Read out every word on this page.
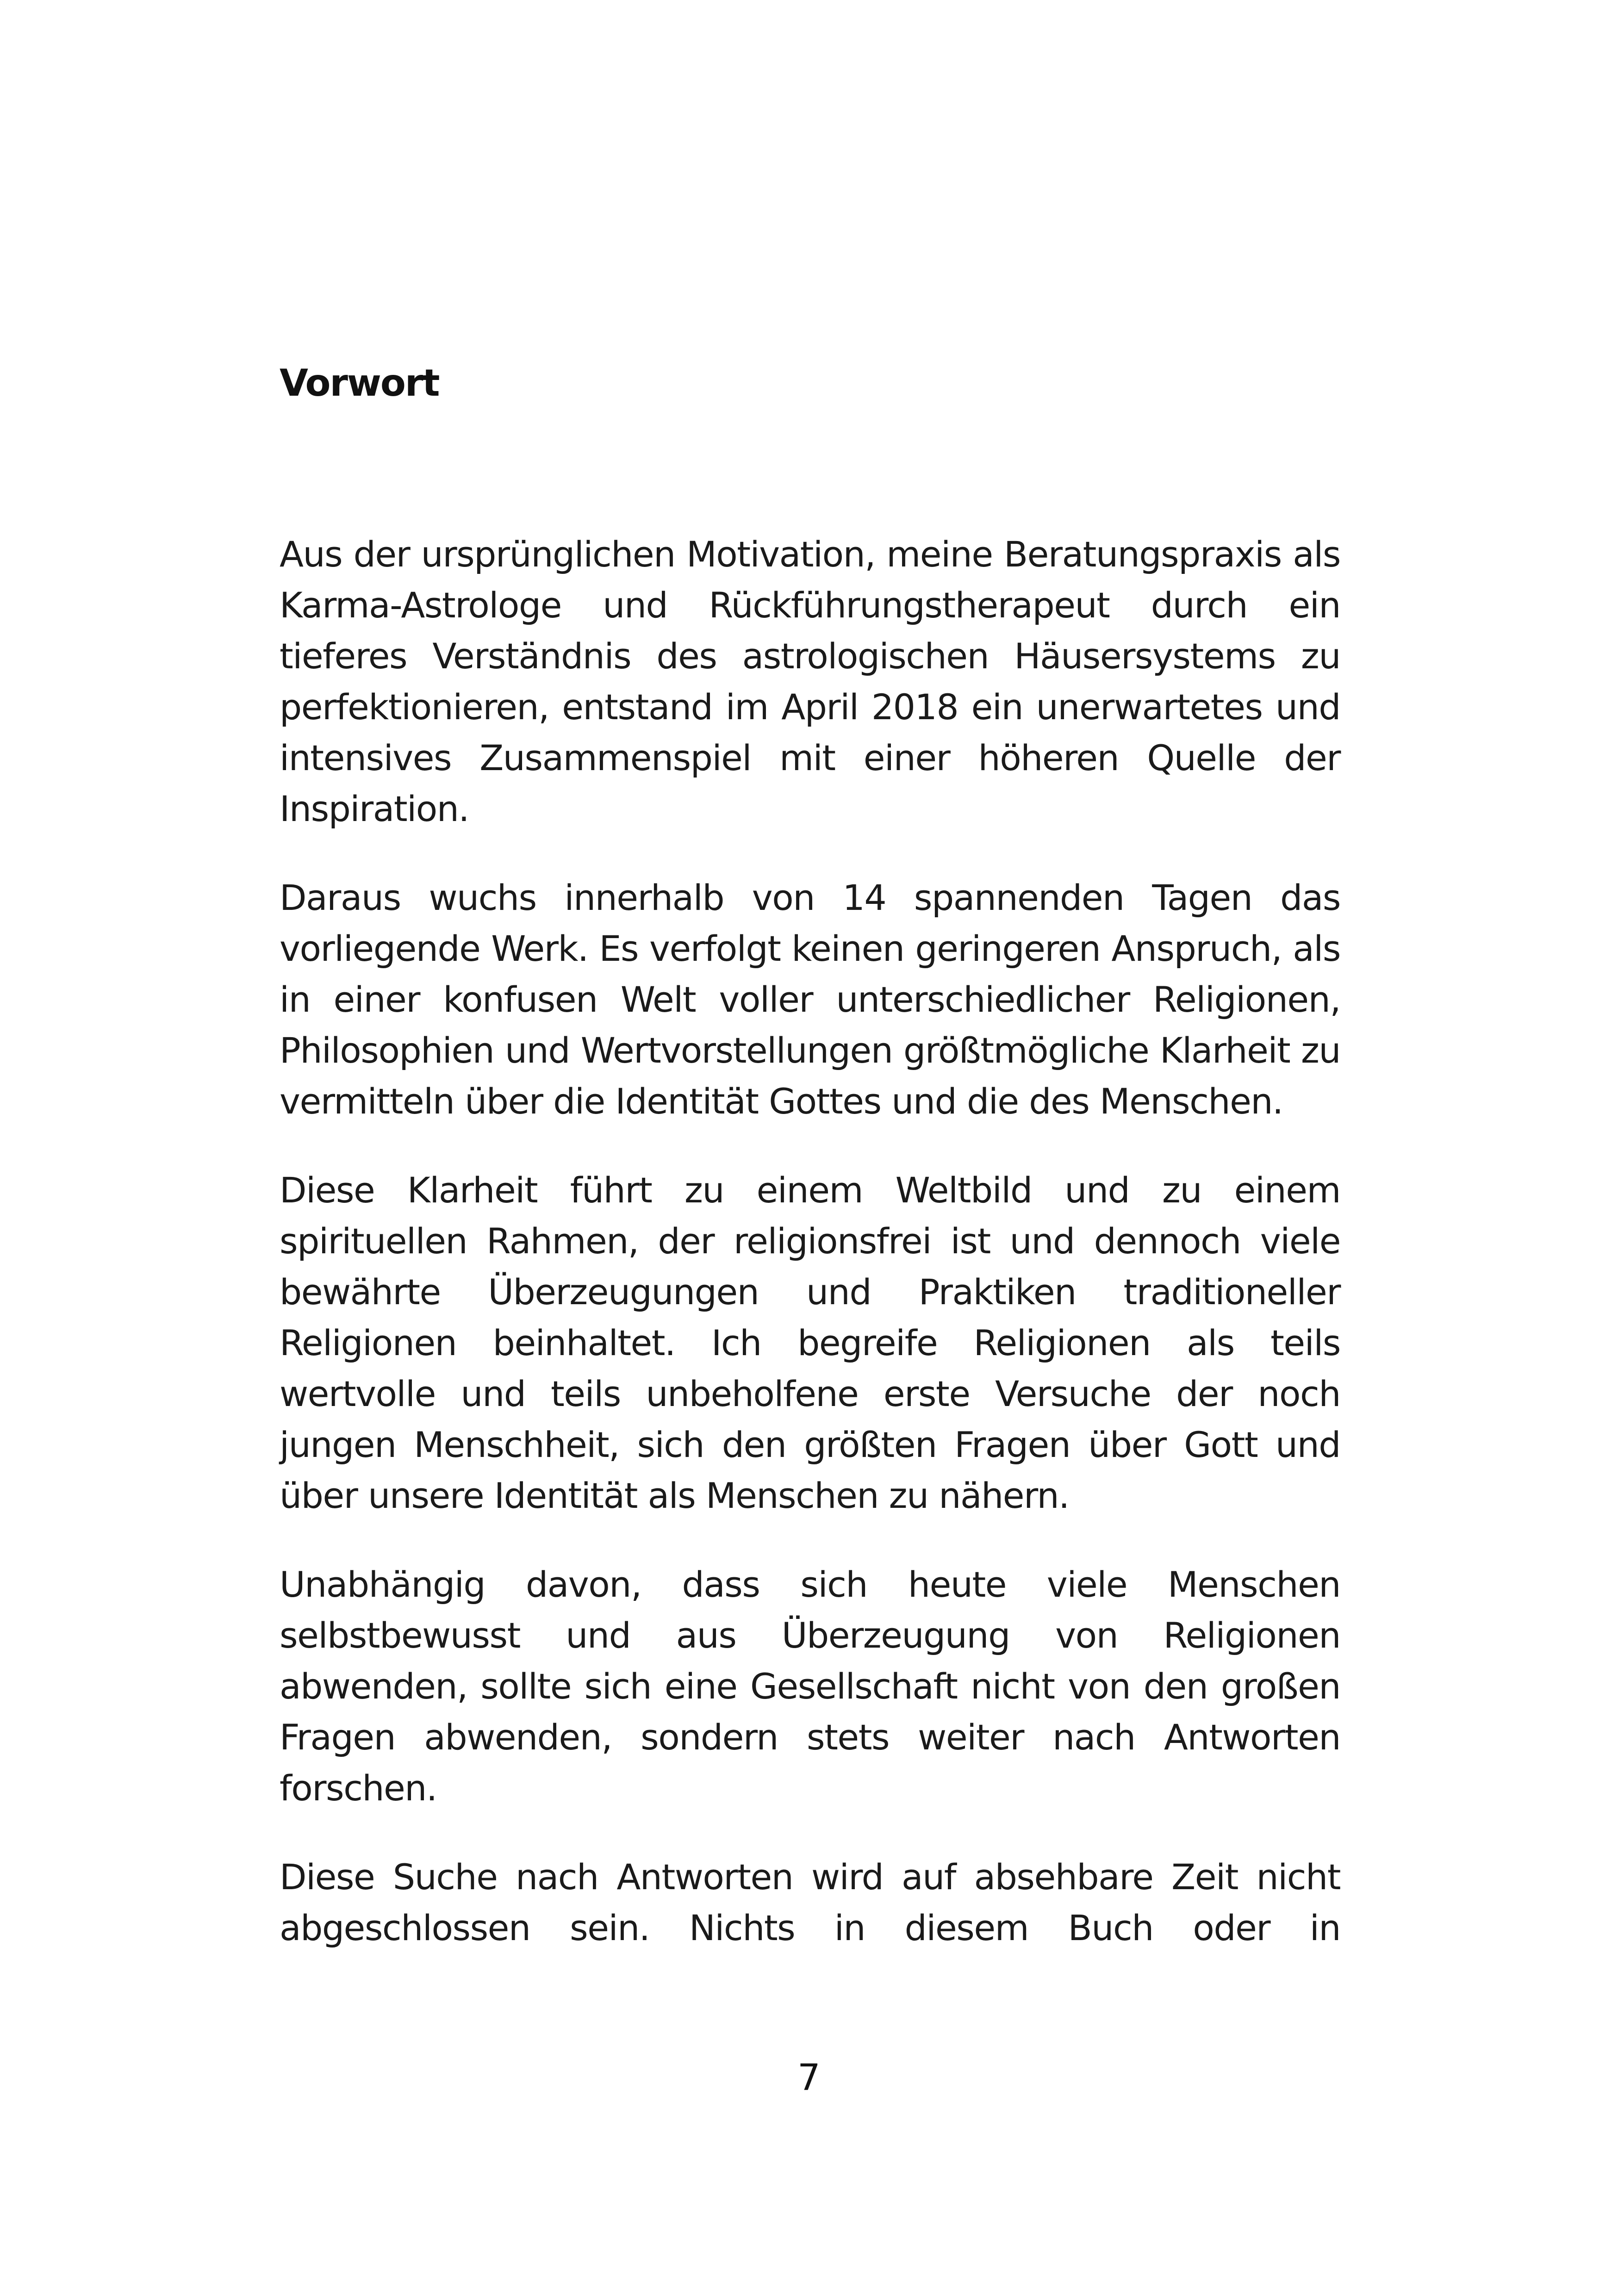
Vorwort

Aus der ursprünglichen Motivation, meine Beratungspraxis als Karma-Astrologe und Rückführungstherapeut durch ein tieferes Verständnis des astrologischen Häusersystems zu perfektionieren, entstand im April 2018 ein unerwartetes und intensives Zusammenspiel mit einer höheren Quelle der Inspiration.

Daraus wuchs innerhalb von 14 spannenden Tagen das vorliegende Werk. Es verfolgt keinen geringeren Anspruch, als in einer konfusen Welt voller unterschiedlicher Religionen, Philosophien und Wertvorstellungen größtmögliche Klarheit zu vermitteln über die Identität Gottes und die des Menschen.

Diese Klarheit führt zu einem Weltbild und zu einem spirituellen Rahmen, der religionsfrei ist und dennoch viele bewährte Überzeugungen und Praktiken traditioneller Religionen beinhaltet. Ich begreife Religionen als teils wertvolle und teils unbeholfene erste Versuche der noch jungen Menschheit, sich den größten Fragen über Gott und über unsere Identität als Menschen zu nähern.

Unabhängig davon, dass sich heute viele Menschen selbstbewusst und aus Überzeugung von Religionen abwenden, sollte sich eine Gesellschaft nicht von den großen Fragen abwenden, sondern stets weiter nach Antworten forschen.

Diese Suche nach Antworten wird auf absehbare Zeit nicht abgeschlossen sein. Nichts in diesem Buch oder in

7
